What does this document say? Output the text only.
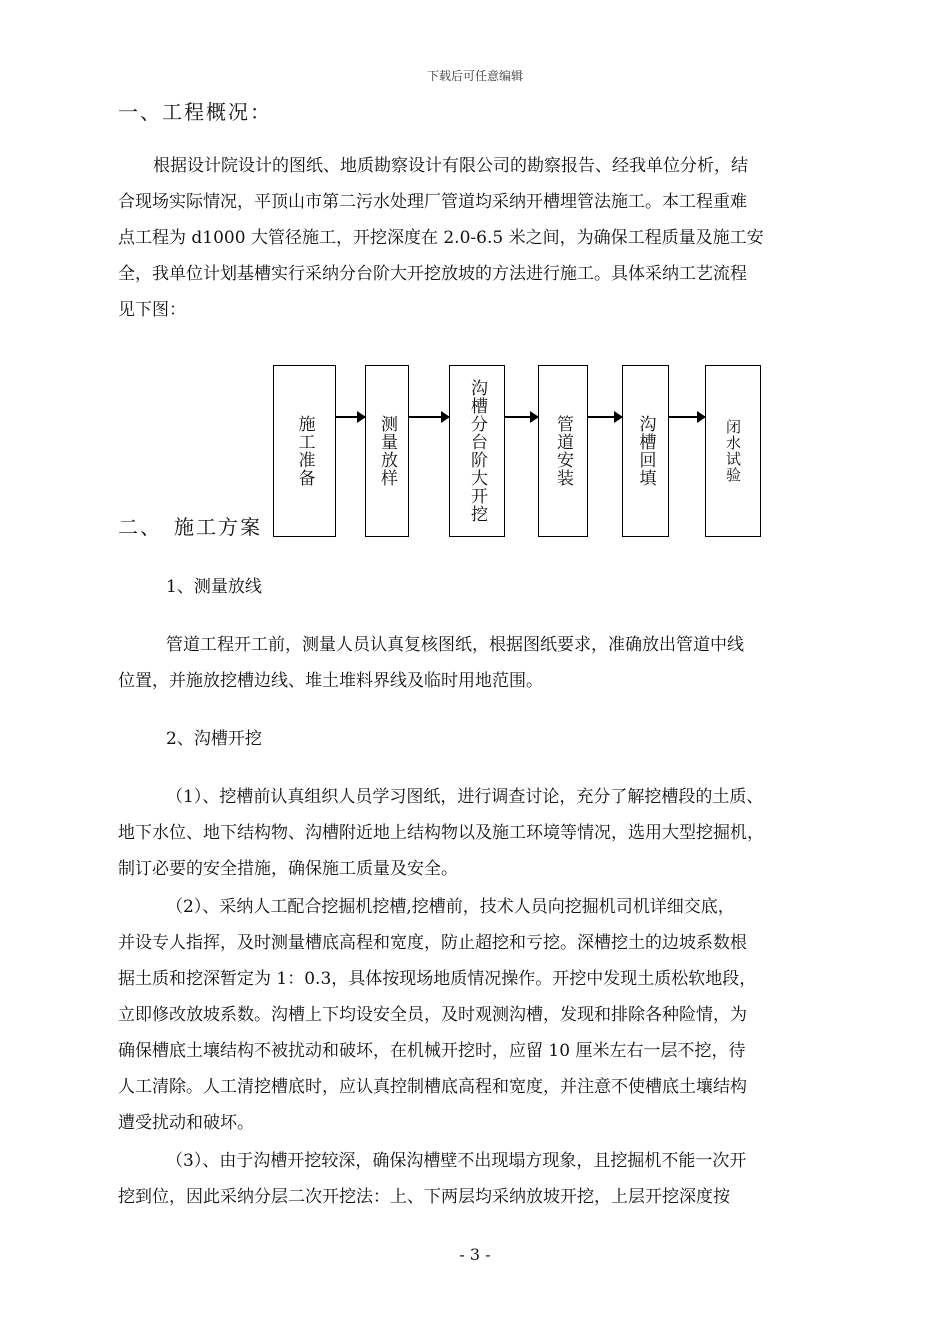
下载后可任意编辑
一、工程概况：
根据设计院设计的图纸、地质勘察设计有限公司的勘察报告、经我单位分析，结
合现场实际情况，平顶山市第二污水处理厂管道均采纳开槽埋管法施工。本工程重难
点工程为 d1000 大管径施工，开挖深度在 2.0-6.5 米之间，为确保工程质量及施工安
全，我单位计划基槽实行采纳分台阶大开挖放坡的方法进行施工。具体采纳工艺流程
见下图：
施工准备	测量放样	沟槽分台阶大开挖	管道安装	沟槽回填	闭水试验
二、　施工方案
1、测量放线
管道工程开工前，测量人员认真复核图纸，根据图纸要求，准确放出管道中线
位置，并施放挖槽边线、堆土堆料界线及临时用地范围。
2、沟槽开挖
（1）、挖槽前认真组织人员学习图纸，进行调查讨论，充分了解挖槽段的土质、
地下水位、地下结构物、沟槽附近地上结构物以及施工环境等情况，选用大型挖掘机，
制订必要的安全措施，确保施工质量及安全。
（2）、采纳人工配合挖掘机挖槽,挖槽前，技术人员向挖掘机司机详细交底，
并设专人指挥，及时测量槽底高程和宽度，防止超挖和亏挖。深槽挖土的边坡系数根
据土质和挖深暂定为 1：0.3，具体按现场地质情况操作。开挖中发现土质松软地段，
立即修改放坡系数。沟槽上下均设安全员，及时观测沟槽，发现和排除各种险情，为
确保槽底土壤结构不被扰动和破坏，在机械开挖时，应留 10 厘米左右一层不挖，待
人工清除。人工清挖槽底时，应认真控制槽底高程和宽度，并注意不使槽底土壤结构
遭受扰动和破坏。
（3）、由于沟槽开挖较深，确保沟槽壁不出现塌方现象，且挖掘机不能一次开
挖到位，因此采纳分层二次开挖法：上、下两层均采纳放坡开挖，上层开挖深度按
- 3 -
